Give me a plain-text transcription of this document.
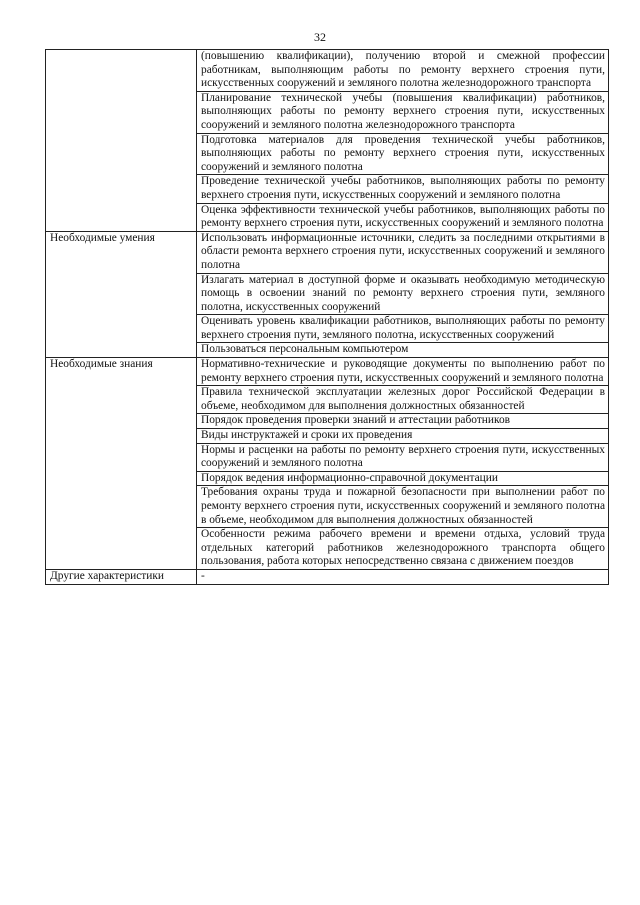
32
	(повышению квалификации), получению второй и смежной профессии работникам, выполняющим работы по ремонту верхнего строения пути, искусственных сооружений и земляного полотна железнодорожного транспорта
	Планирование технической учебы (повышения квалификации) работников, выполняющих работы по ремонту верхнего строения пути, искусственных сооружений и земляного полотна железнодорожного транспорта
	Подготовка материалов для проведения технической учебы работников, выполняющих работы по ремонту верхнего строения пути, искусственных сооружений и земляного полотна
	Проведение технической учебы работников, выполняющих работы по ремонту верхнего строения пути, искусственных сооружений и земляного полотна
	Оценка эффективности технической учебы работников, выполняющих работы по ремонту верхнего строения пути, искусственных сооружений и земляного полотна
Необходимые умения	Использовать информационные источники, следить за последними открытиями в области ремонта верхнего строения пути, искусственных сооружений и земляного полотна
	Излагать материал в доступной форме и оказывать необходимую методическую помощь в освоении знаний по ремонту верхнего строения пути, земляного полотна, искусственных сооружений
	Оценивать уровень квалификации работников, выполняющих работы по ремонту верхнего строения пути, земляного полотна, искусственных сооружений
	Пользоваться персональным компьютером
Необходимые знания	Нормативно-технические и руководящие документы по выполнению работ по ремонту верхнего строения пути, искусственных сооружений и земляного полотна
	Правила технической эксплуатации железных дорог Российской Федерации в объеме, необходимом для выполнения должностных обязанностей
	Порядок проведения проверки знаний и аттестации работников
	Виды инструктажей и сроки их проведения
	Нормы и расценки на работы по ремонту верхнего строения пути, искусственных сооружений и земляного полотна
	Порядок ведения информационно-справочной документации
	Требования охраны труда и пожарной безопасности при выполнении работ по ремонту верхнего строения пути, искусственных сооружений и земляного полотна в объеме, необходимом для выполнения должностных обязанностей
	Особенности режима рабочего времени и времени отдыха, условий труда отдельных категорий работников железнодорожного транспорта общего пользования, работа которых непосредственно связана с движением поездов
Другие характеристики	-
